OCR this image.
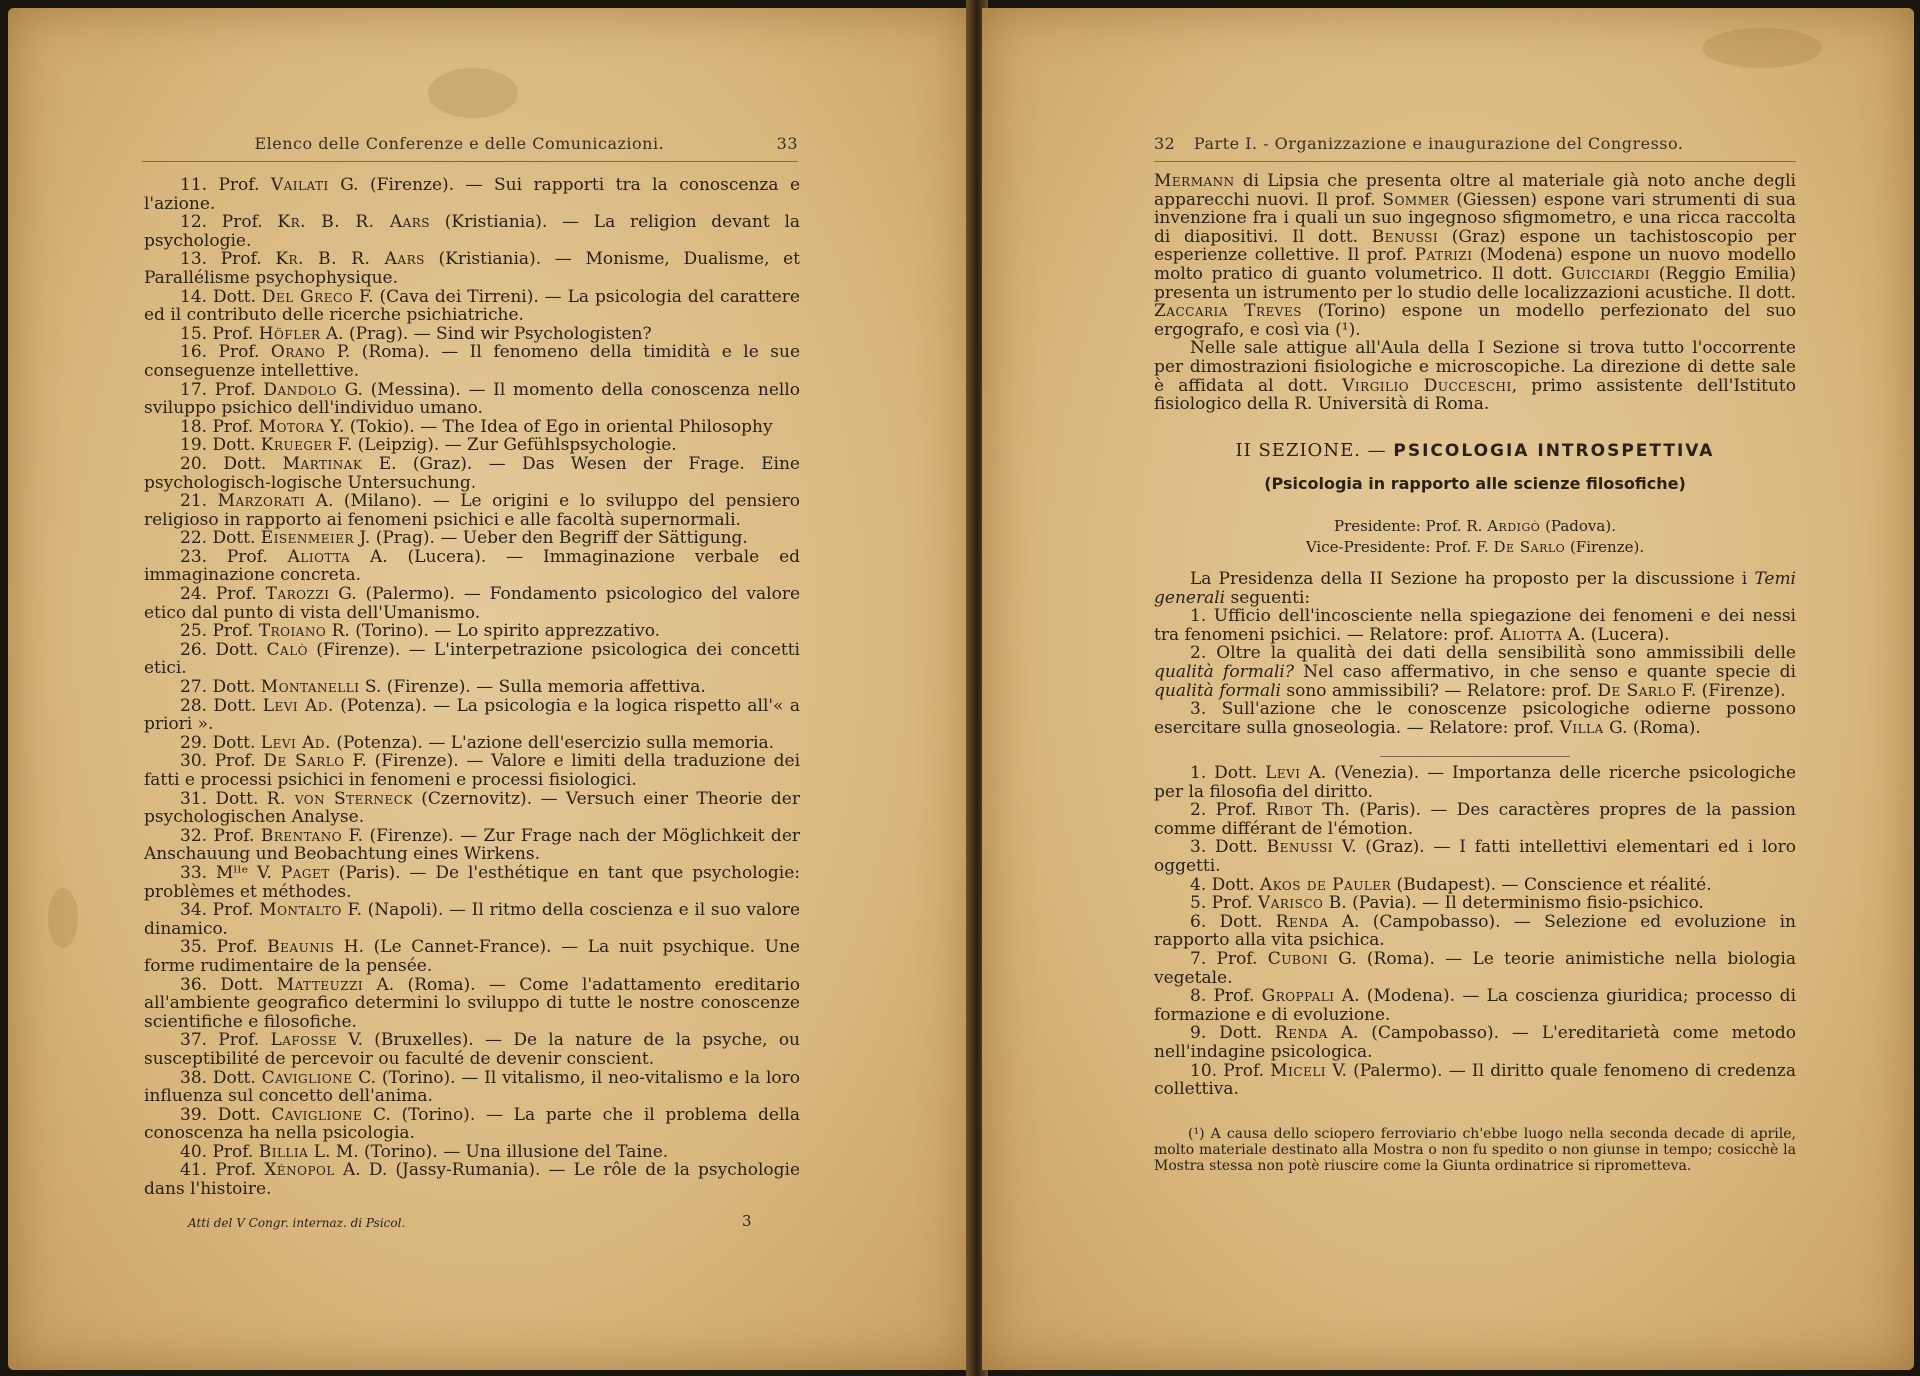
Elenco delle Conferenze e delle Comunicazioni.	33

11. Prof. Vailati G. (Firenze). — Sui rapporti tra la conoscenza e l'azione.

12. Prof. Kr. B. R. Aars (Kristiania). — La religion devant la psychologie.

13. Prof. Kr. B. R. Aars (Kristiania). — Monisme, Dualisme, et Parallélisme psychophysique.

14. Dott. Del Greco F. (Cava dei Tirreni). — La psicologia del carattere ed il contributo delle ricerche psichiatriche.

15. Prof. Höfler A. (Prag). — Sind wir Psychologisten?

16. Prof. Orano P. (Roma). — Il fenomeno della timidità e le sue conseguenze intellettive.

17. Prof. Dandolo G. (Messina). — Il momento della conoscenza nello sviluppo psichico dell'individuo umano.

18. Prof. Motora Y. (Tokio). — The Idea of Ego in oriental Philosophy

19. Dott. Krueger F. (Leipzig). — Zur Gefühlspsychologie.

20. Dott. Martinak E. (Graz). — Das Wesen der Frage. Eine psychologisch-logische Untersuchung.

21. Marzorati A. (Milano). — Le origini e lo sviluppo del pensiero religioso in rapporto ai fenomeni psichici e alle facoltà supernormali.

22. Dott. Eisenmeier J. (Prag). — Ueber den Begriff der Sättigung.

23. Prof. Aliotta A. (Lucera). — Immaginazione verbale ed immaginazione concreta.

24. Prof. Tarozzi G. (Palermo). — Fondamento psicologico del valore etico dal punto di vista dell'Umanismo.

25. Prof. Troiano R. (Torino). — Lo spirito apprezzativo.

26. Dott. Calò (Firenze). — L'interpetrazione psicologica dei concetti etici.

27. Dott. Montanelli S. (Firenze). — Sulla memoria affettiva.

28. Dott. Levi Ad. (Potenza). — La psicologia e la logica rispetto all'« a priori ».

29. Dott. Levi Ad. (Potenza). — L'azione dell'esercizio sulla memoria.

30. Prof. De Sarlo F. (Firenze). — Valore e limiti della traduzione dei fatti e processi psichici in fenomeni e processi fisiologici.

31. Dott. R. von Sterneck (Czernovitz). — Versuch einer Theorie der psychologischen Analyse.

32. Prof. Brentano F. (Firenze). — Zur Frage nach der Möglichkeit der Anschauung und Beobachtung eines Wirkens.

33. Mˡˡᵉ V. Paget (Paris). — De l'esthétique en tant que psychologie: problèmes et méthodes.

34. Prof. Montalto F. (Napoli). — Il ritmo della coscienza e il suo valore dinamico.

35. Prof. Beaunis H. (Le Cannet-France). — La nuit psychique. Une forme rudimentaire de la pensée.

36. Dott. Matteuzzi A. (Roma). — Come l'adattamento ereditario all'ambiente geografico determini lo sviluppo di tutte le nostre conoscenze scientifiche e filosofiche.

37. Prof. Lafosse V. (Bruxelles). — De la nature de la psyche, ou susceptibilité de percevoir ou faculté de devenir conscient.

38. Dott. Caviglione C. (Torino). — Il vitalismo, il neo-vitalismo e la loro influenza sul concetto dell'anima.

39. Dott. Caviglione C. (Torino). — La parte che il problema della conoscenza ha nella psicologia.

40. Prof. Billia L. M. (Torino). — Una illusione del Taine.

41. Prof. Xénopol A. D. (Jassy-Rumania). — Le rôle de la psychologie dans l'histoire.

Atti del V Congr. internaz. di Psicol.	3
32	Parte I. - Organizzazione e inaugurazione del Congresso.

Mermann di Lipsia che presenta oltre al materiale già noto anche degli apparecchi nuovi. Il prof. Sommer (Giessen) espone vari strumenti di sua invenzione fra i quali un suo ingegnoso sfigmometro, e una ricca raccolta di diapositivi. Il dott. Benussi (Graz) espone un tachistoscopio per esperienze collettive. Il prof. Patrizi (Modena) espone un nuovo modello molto pratico di guanto volumetrico. Il dott. Guicciardi (Reggio Emilia) presenta un istrumento per lo studio delle localizzazioni acustiche. Il dott. Zaccaria Treves (Torino) espone un modello perfezionato del suo ergografo, e così via (¹).

Nelle sale attigue all'Aula della I Sezione si trova tutto l'occorrente per dimostrazioni fisiologiche e microscopiche. La direzione di dette sale è affidata al dott. Virgilio Ducceschi, primo assistente dell'Istituto fisiologico della R. Università di Roma.

II SEZIONE. — PSICOLOGIA INTROSPETTIVA
(Psicologia in rapporto alle scienze filosofiche)
Presidente: Prof. R. Ardigò (Padova).
Vice-Presidente: Prof. F. De Sarlo (Firenze).

La Presidenza della II Sezione ha proposto per la discussione i Temi generali seguenti:

1. Ufficio dell'incosciente nella spiegazione dei fenomeni e dei nessi tra fenomeni psichici. — Relatore: prof. Aliotta A. (Lucera).

2. Oltre la qualità dei dati della sensibilità sono ammissibili delle qualità formali? Nel caso affermativo, in che senso e quante specie di qualità formali sono ammissibili? — Relatore: prof. De Sarlo F. (Firenze).

3. Sull'azione che le conoscenze psicologiche odierne possono esercitare sulla gnoseologia. — Relatore: prof. Villa G. (Roma).

1. Dott. Levi A. (Venezia). — Importanza delle ricerche psicologiche per la filosofia del diritto.

2. Prof. Ribot Th. (Paris). — Des caractères propres de la passion comme différant de l'émotion.

3. Dott. Benussi V. (Graz). — I fatti intellettivi elementari ed i loro oggetti.

4. Dott. Akos de Pauler (Budapest). — Conscience et réalité.

5. Prof. Varisco B. (Pavia). — Il determinismo fisio-psichico.

6. Dott. Renda A. (Campobasso). — Selezione ed evoluzione in rapporto alla vita psichica.

7. Prof. Cuboni G. (Roma). — Le teorie animistiche nella biologia vegetale.

8. Prof. Groppali A. (Modena). — La coscienza giuridica; processo di formazione e di evoluzione.

9. Dott. Renda A. (Campobasso). — L'ereditarietà come metodo nell'indagine psicologica.

10. Prof. Miceli V. (Palermo). — Il diritto quale fenomeno di credenza collettiva.

(¹) A causa dello sciopero ferroviario ch'ebbe luogo nella seconda decade di aprile, molto materiale destinato alla Mostra o non fu spedito o non giunse in tempo; cosicchè la Mostra stessa non potè riuscire come la Giunta ordinatrice si riprometteva.
